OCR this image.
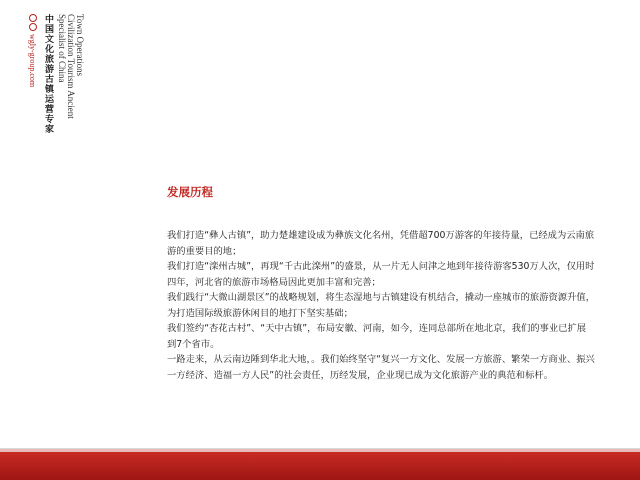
wgly-group.com 中国文化旅游古镇运营专家 Specialist of China Civilization Tourism Ancient Town Operations
发展历程

我们打造“彝人古镇”，助力楚雄建设成为彝族文化名州，凭借超700万游客的年接待量，已经成为云南旅游的重要目的地；

我们打造“滦州古城”，再现“千古此滦州”的盛景，从一片无人问津之地到年接待游客530万人次，仅用时四年，河北省的旅游市场格局因此更加丰富和完善；

我们践行“大微山湖景区”的战略规划，将生态湿地与古镇建设有机结合，撬动一座城市的旅游资源升值，为打造国际级旅游休闲目的地打下坚实基础；

我们签约“杏花古村”、“天中古镇”，布局安徽、河南，如今，连同总部所在地北京，我们的事业已扩展到7个省市。

一路走来，从云南边陲到华北大地，。我们始终坚守“复兴一方文化、发展一方旅游、繁荣一方商业、振兴一方经济、造福一方人民”的社会责任，历经发展，企业现已成为文化旅游产业的典范和标杆。
